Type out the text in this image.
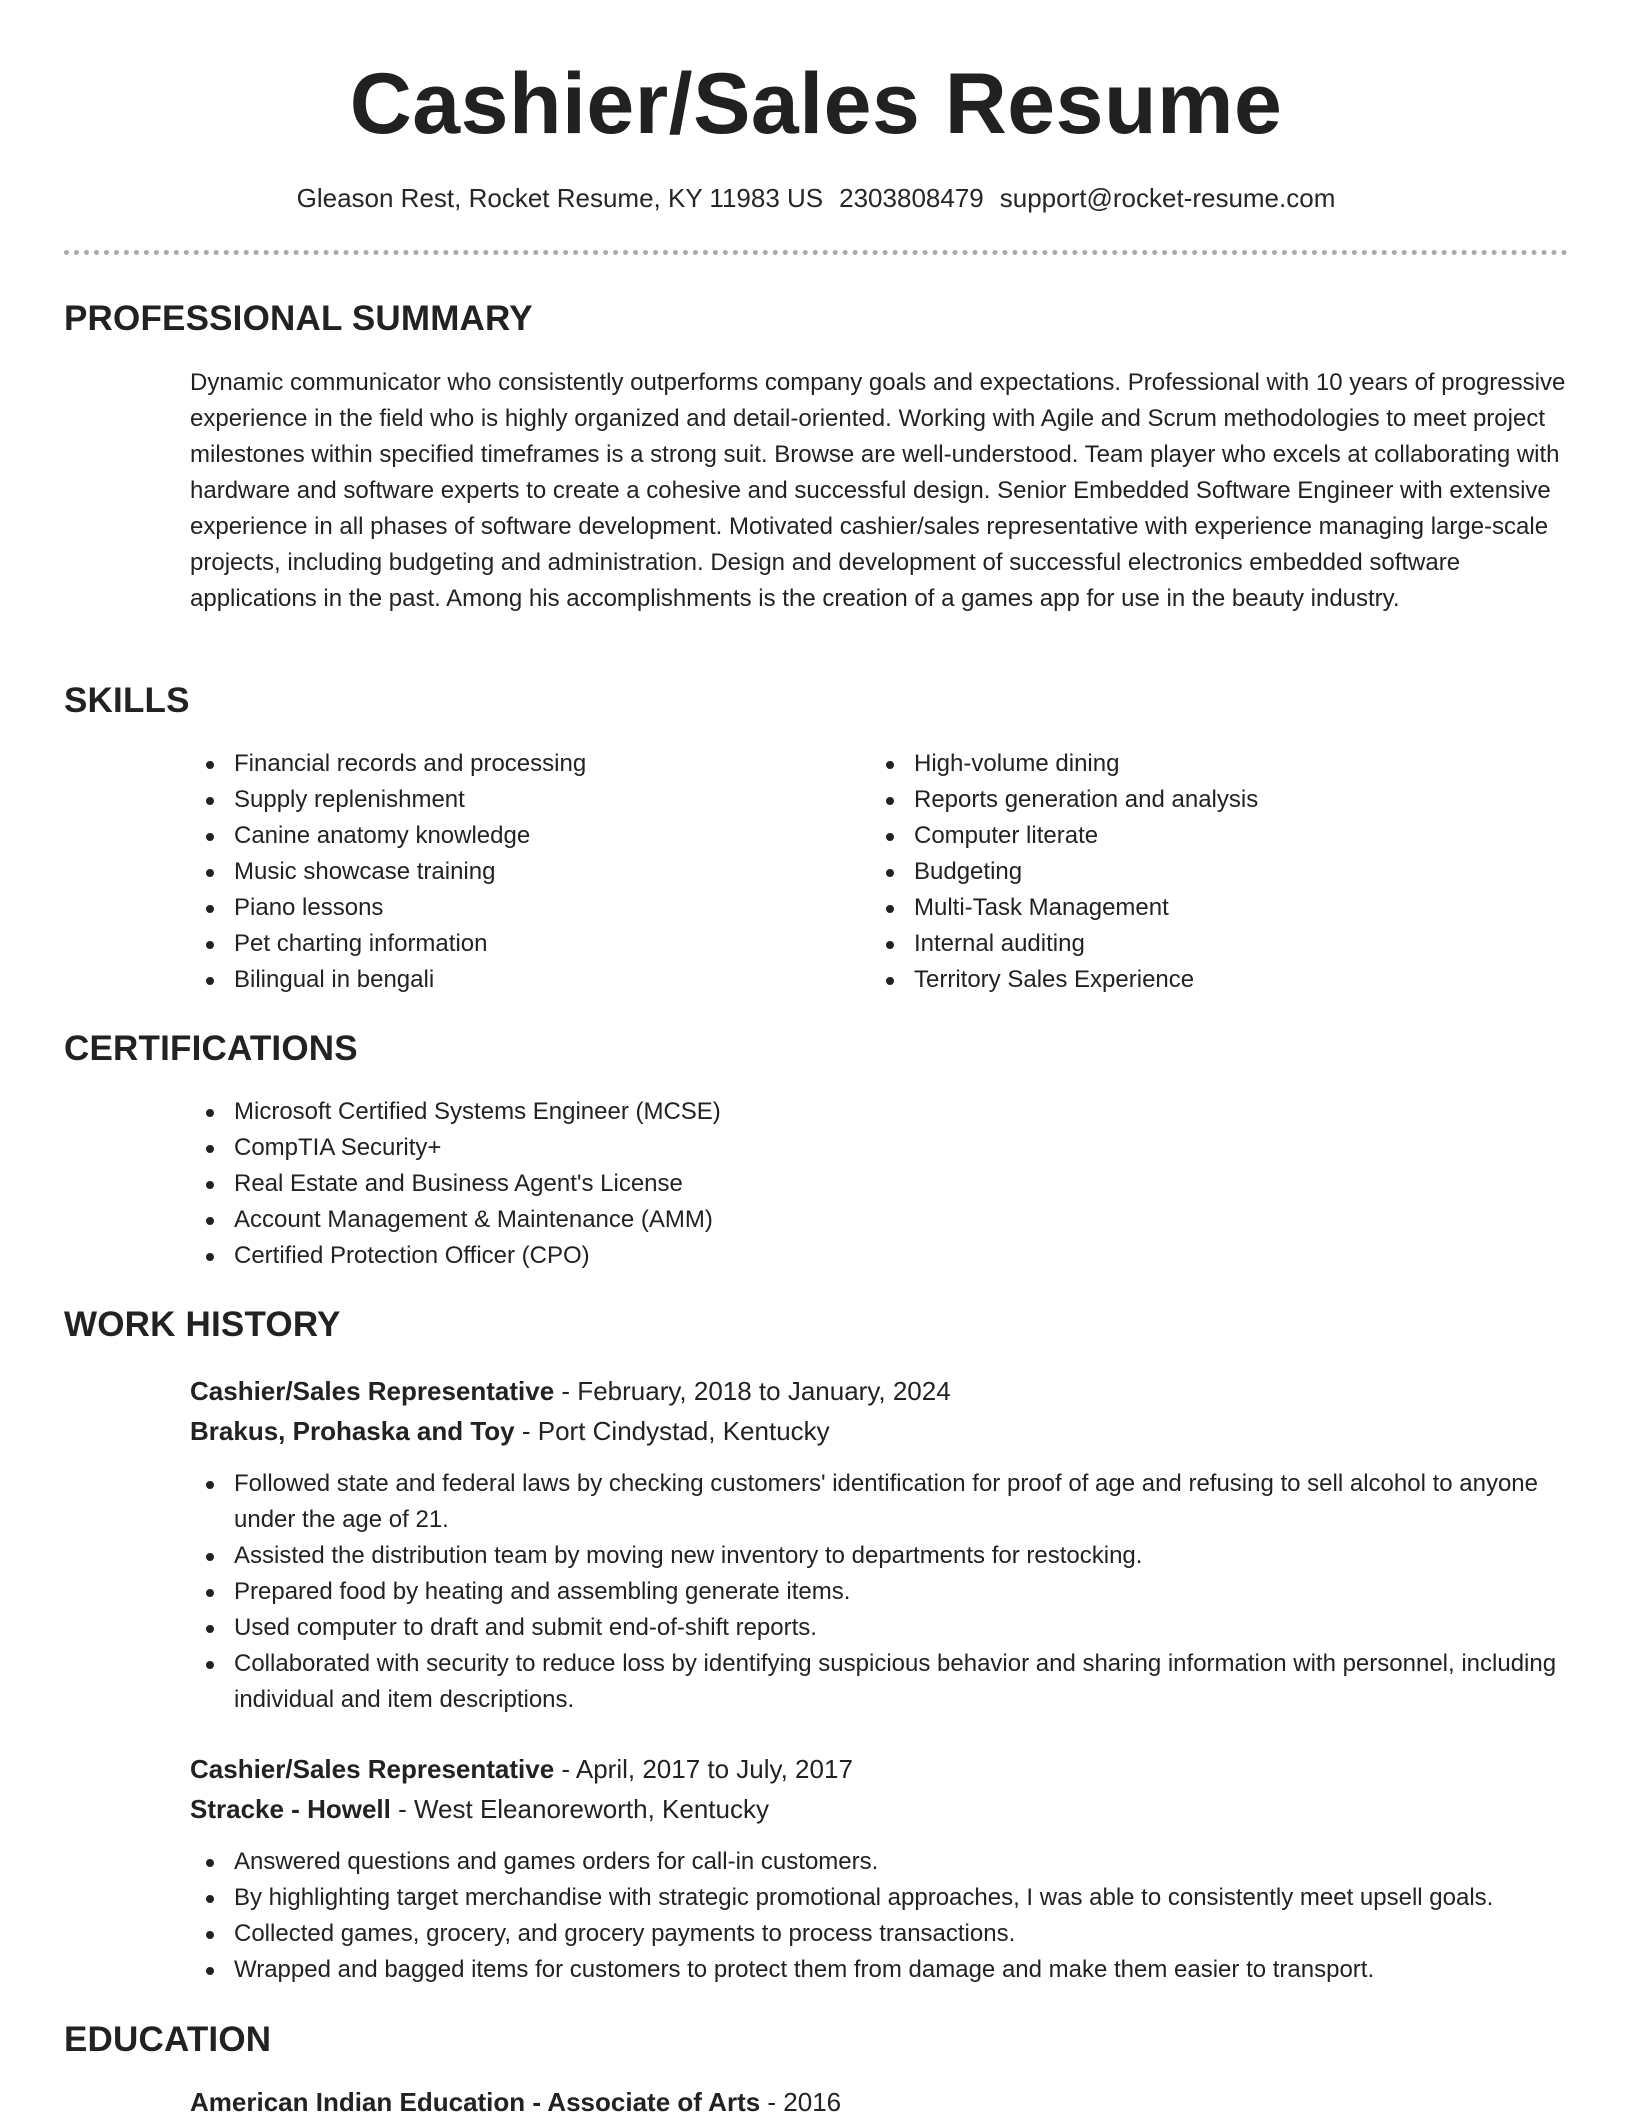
Cashier/Sales Resume
Gleason Rest, Rocket Resume, KY 11983 US 2303808479 support@rocket-resume.com
PROFESSIONAL SUMMARY
Dynamic communicator who consistently outperforms company goals and expectations. Professional with 10 years of progressive experience in the field who is highly organized and detail-oriented. Working with Agile and Scrum methodologies to meet project milestones within specified timeframes is a strong suit. Browse are well-understood. Team player who excels at collaborating with hardware and software experts to create a cohesive and successful design. Senior Embedded Software Engineer with extensive experience in all phases of software development. Motivated cashier/sales representative with experience managing large-scale projects, including budgeting and administration. Design and development of successful electronics embedded software applications in the past. Among his accomplishments is the creation of a games app for use in the beauty industry.
SKILLS
Financial records and processing
Supply replenishment
Canine anatomy knowledge
Music showcase training
Piano lessons
Pet charting information
Bilingual in bengali
High-volume dining
Reports generation and analysis
Computer literate
Budgeting
Multi-Task Management
Internal auditing
Territory Sales Experience
CERTIFICATIONS
Microsoft Certified Systems Engineer (MCSE)
CompTIA Security+
Real Estate and Business Agent's License
Account Management & Maintenance (AMM)
Certified Protection Officer (CPO)
WORK HISTORY
Cashier/Sales Representative - February, 2018 to January, 2024
Brakus, Prohaska and Toy - Port Cindystad, Kentucky
Followed state and federal laws by checking customers' identification for proof of age and refusing to sell alcohol to anyone under the age of 21.
Assisted the distribution team by moving new inventory to departments for restocking.
Prepared food by heating and assembling generate items.
Used computer to draft and submit end-of-shift reports.
Collaborated with security to reduce loss by identifying suspicious behavior and sharing information with personnel, including individual and item descriptions.
Cashier/Sales Representative - April, 2017 to July, 2017
Stracke - Howell - West Eleanoreworth, Kentucky
Answered questions and games orders for call-in customers.
By highlighting target merchandise with strategic promotional approaches, I was able to consistently meet upsell goals.
Collected games, grocery, and grocery payments to process transactions.
Wrapped and bagged items for customers to protect them from damage and make them easier to transport.
EDUCATION
American Indian Education - Associate of Arts - 2016
